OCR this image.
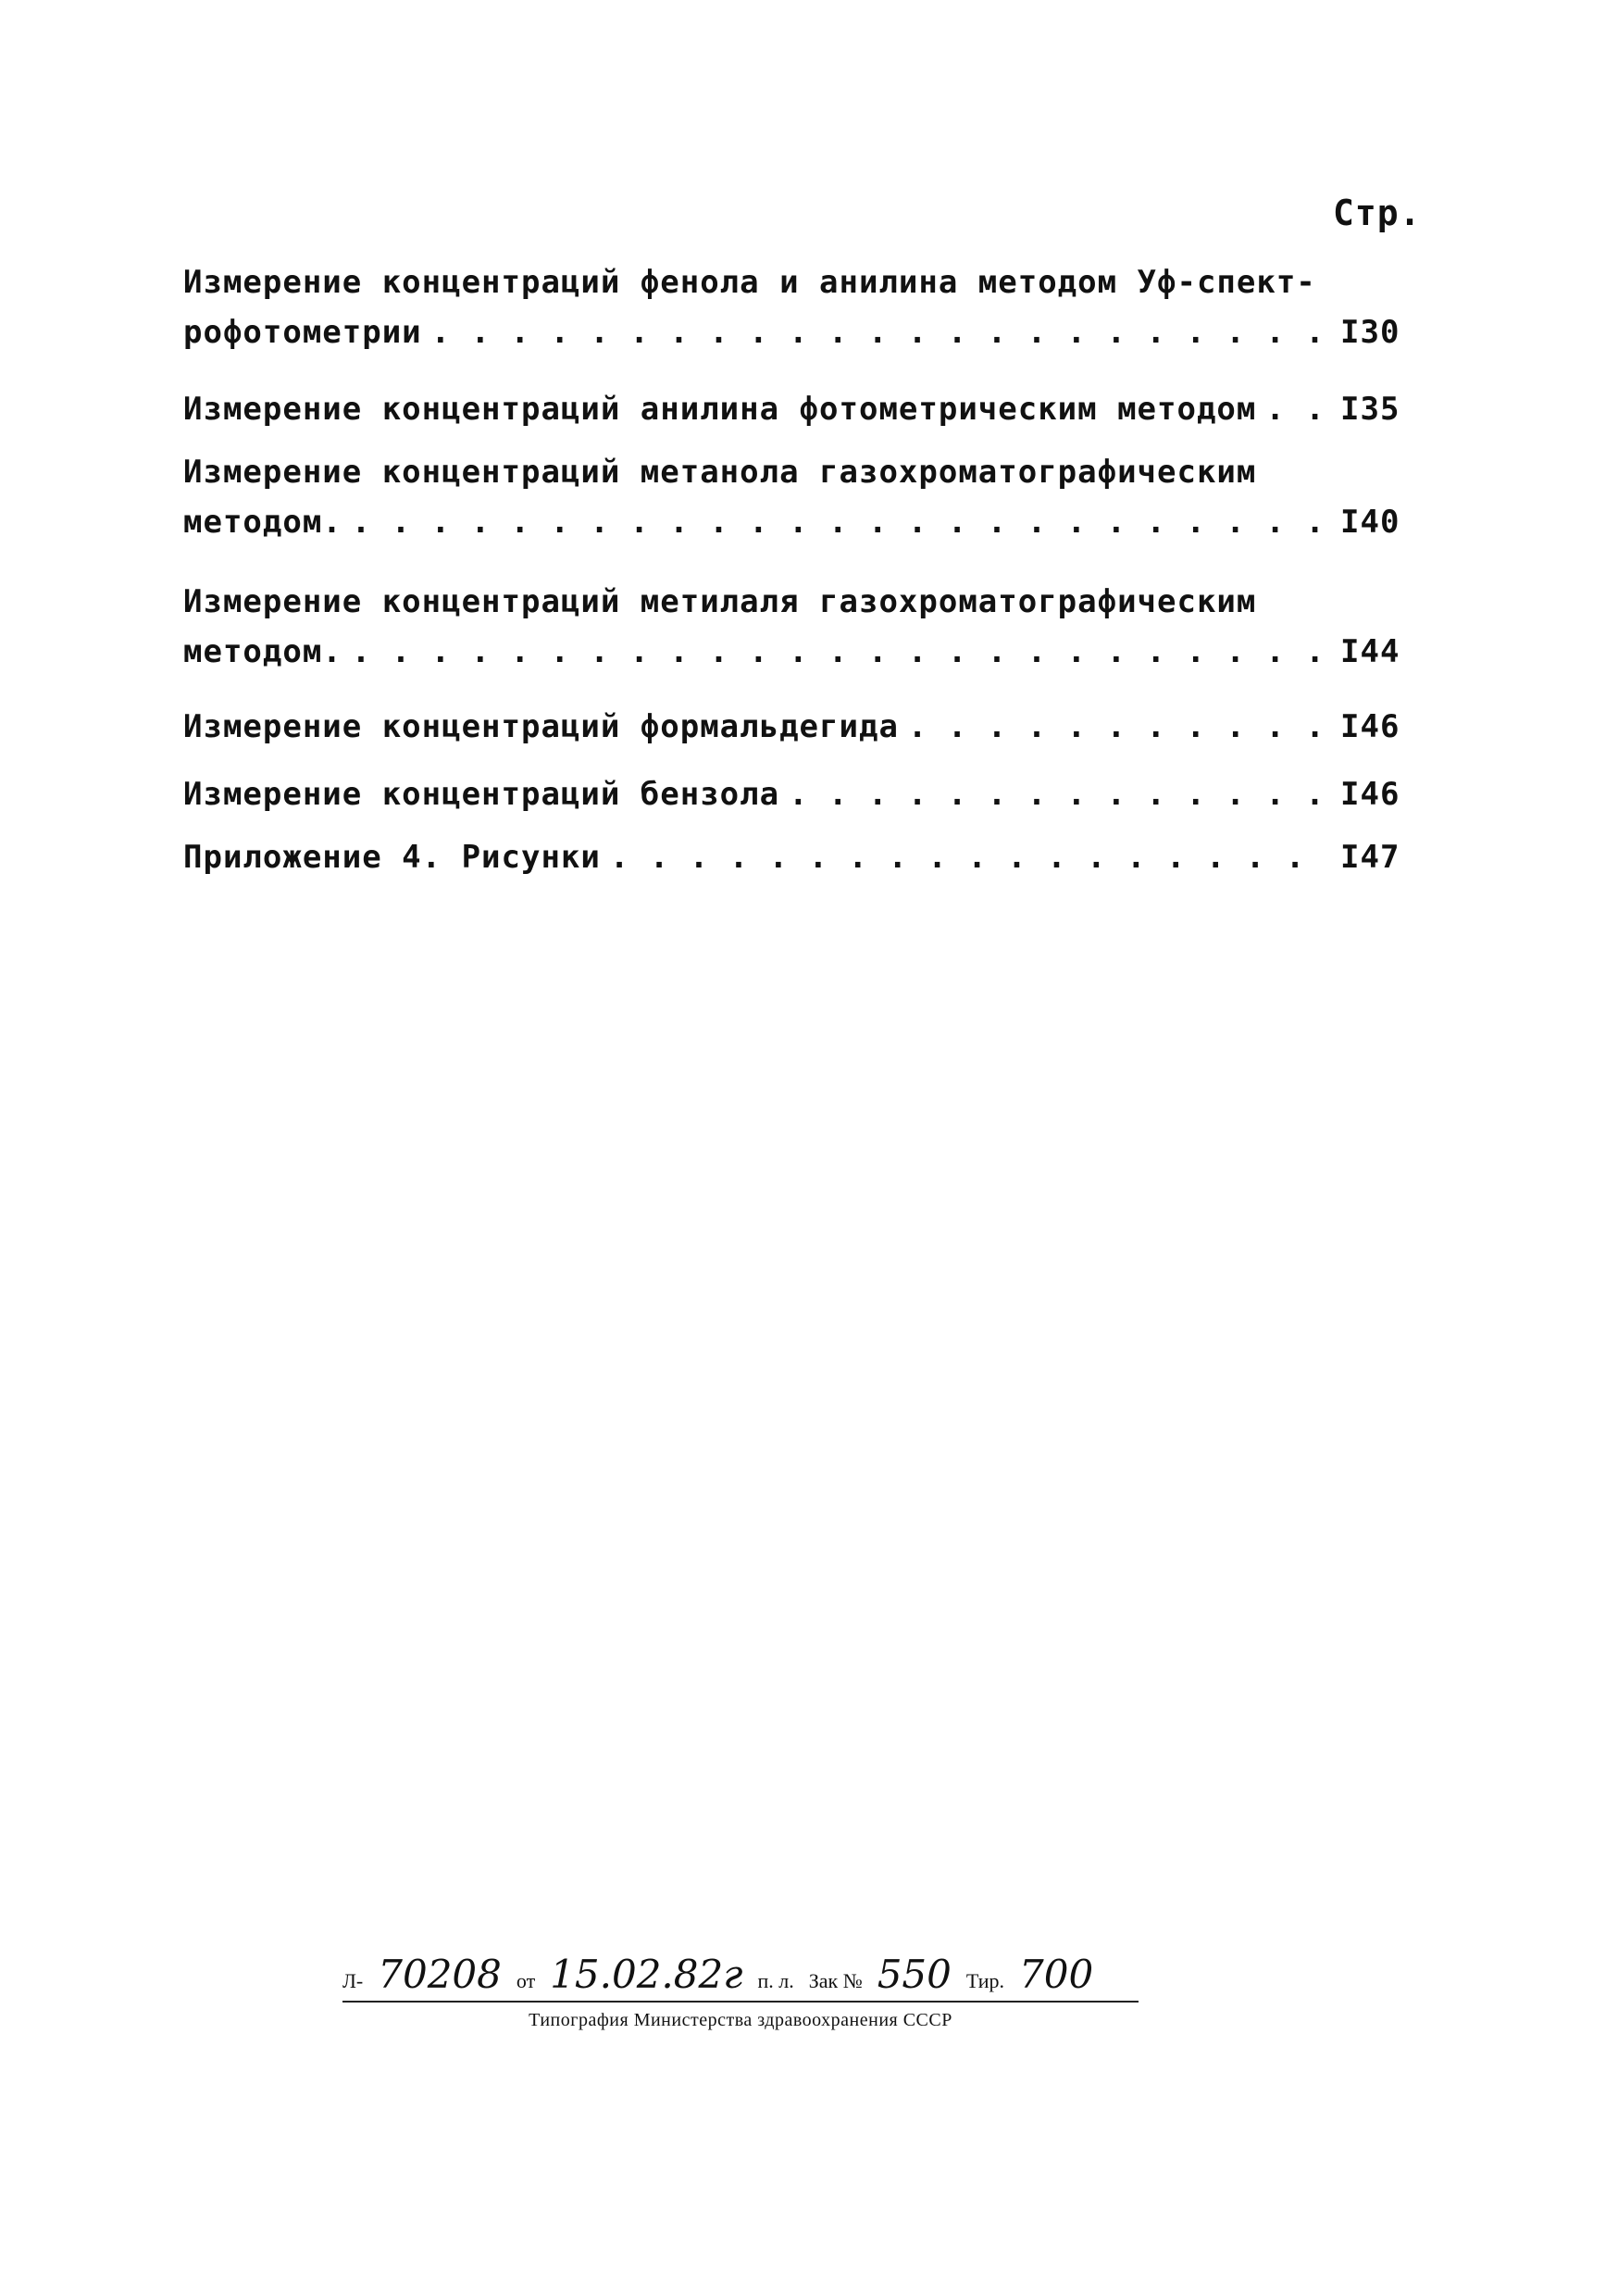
Стр.
Измерение концентраций фенола и анилина методом Уф-спект-
рофотометрии . .	I30
Измерение концентраций анилина фотометрическим методом . .	I35
Измерение концентраций метанола газохроматографическим
методом. . .	I40
Измерение концентраций метилаля газохроматографическим
методом. . .	I44
Измерение концентраций формальдегида . .	I46
Измерение концентраций бензола . .	I46
Приложение 4. Рисунки . .	I47
Л- 70208 от 15.02.82г п. л. Зак № 550 Тир. 700
Типография Министерства здравоохранения СССР
